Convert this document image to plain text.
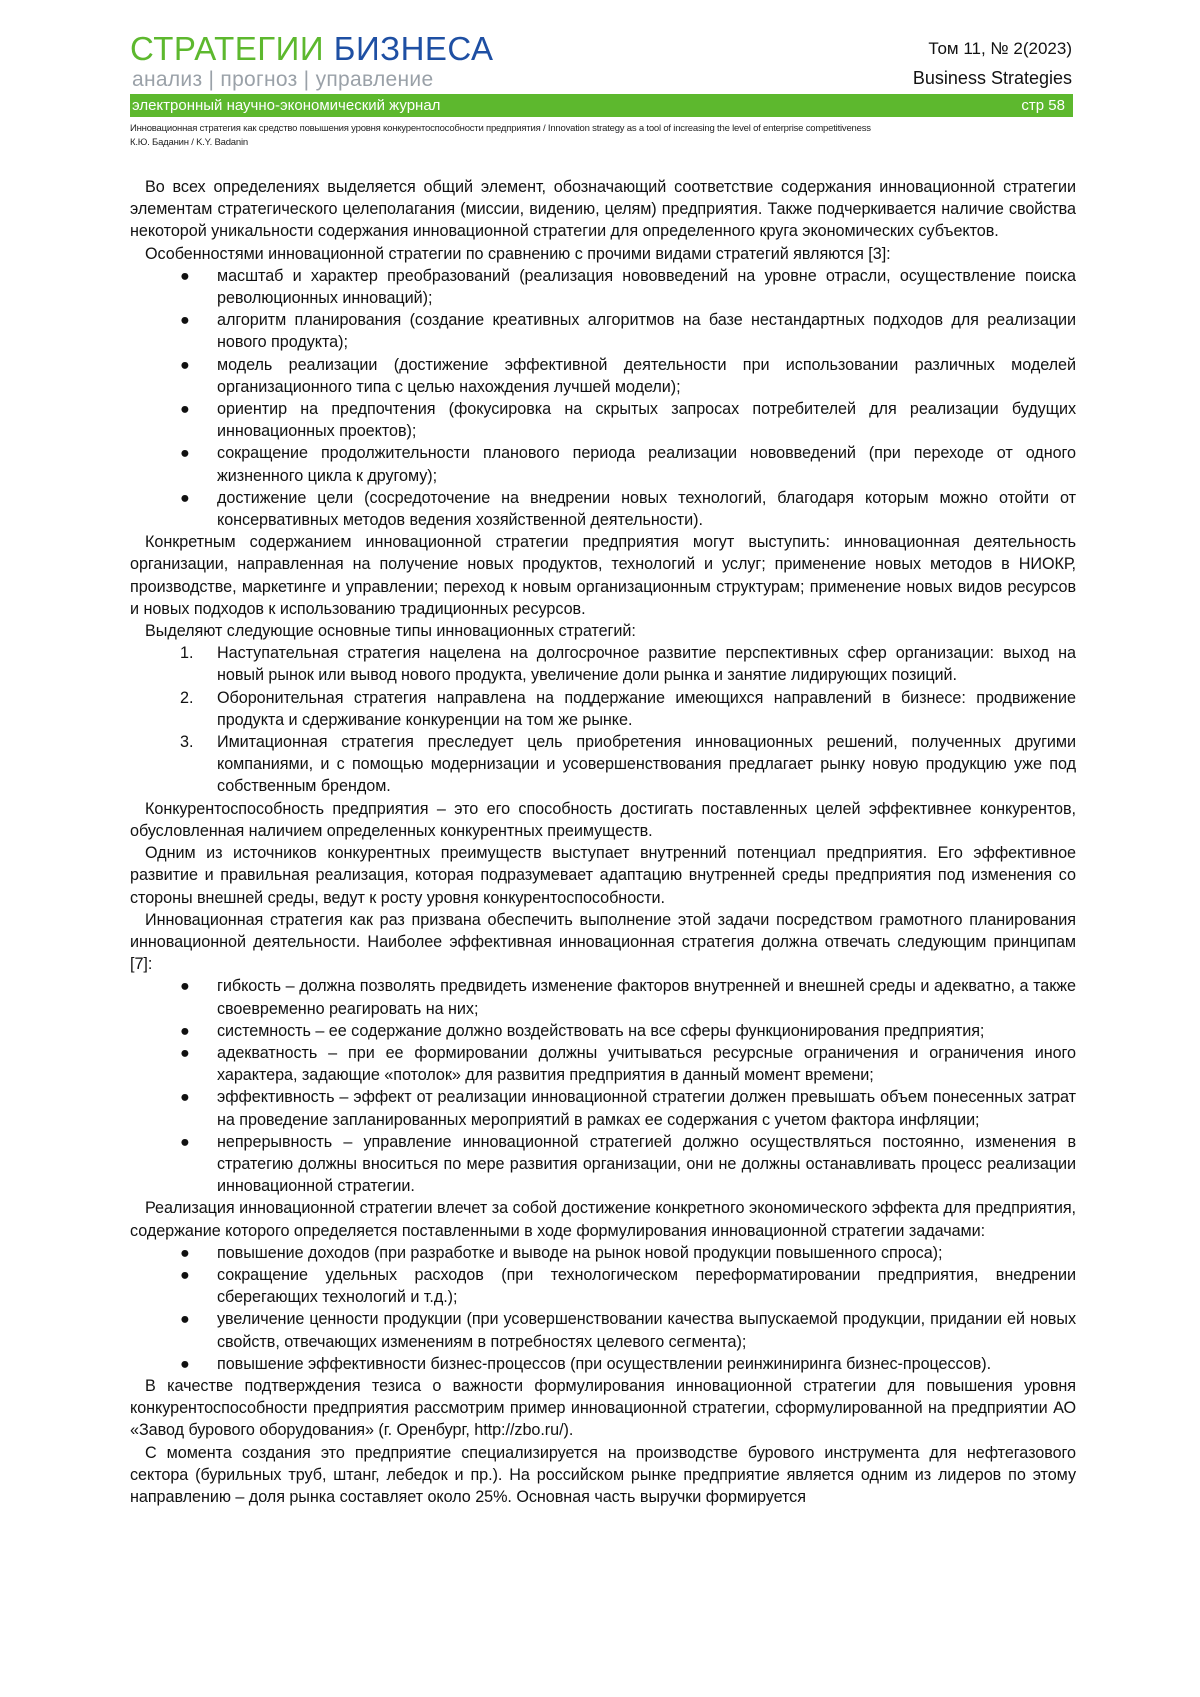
СТРАТЕГИИ БИЗНЕСА
анализ | прогноз | управление
Том 11, № 2(2023)
Business Strategies
электронный научно-экономический журнал	стр 58
Инновационная стратегия как средство повышения уровня конкурентоспособности предприятия / Innovation strategy as a tool of increasing the level of enterprise competitiveness
К.Ю. Баданин / K.Y. Badanin

Во всех определениях выделяется общий элемент, обозначающий соответствие содержания инновационной стратегии элементам стратегического целеполагания (миссии, видению, целям) предприятия. Также подчеркивается наличие свойства некоторой уникальности содержания инновационной стратегии для определенного круга экономических субъектов.

Особенностями инновационной стратегии по сравнению с прочими видами стратегий являются [3]:

●	масштаб и характер преобразований (реализация нововведений на уровне отрасли, осуществление поиска революционных инноваций);
●	алгоритм планирования (создание креативных алгоритмов на базе нестандартных подходов для реализации нового продукта);
●	модель реализации (достижение эффективной деятельности при использовании различных моделей организационного типа с целью нахождения лучшей модели);
●	ориентир на предпочтения (фокусировка на скрытых запросах потребителей для реализации будущих инновационных проектов);
●	сокращение продолжительности планового периода реализации нововведений (при переходе от одного жизненного цикла к другому);
●	достижение цели (сосредоточение на внедрении новых технологий, благодаря которым можно отойти от консервативных методов ведения хозяйственной деятельности).

Конкретным содержанием инновационной стратегии предприятия могут выступить: инновационная деятельность организации, направленная на получение новых продуктов, технологий и услуг; применение новых методов в НИОКР, производстве, маркетинге и управлении; переход к новым организационным структурам; применение новых видов ресурсов и новых подходов к использованию традиционных ресурсов.

Выделяют следующие основные типы инновационных стратегий:

1.	Наступательная стратегия нацелена на долгосрочное развитие перспективных сфер организации: выход на новый рынок или вывод нового продукта, увеличение доли рынка и занятие лидирующих позиций.
2.	Оборонительная стратегия направлена на поддержание имеющихся направлений в бизнесе: продвижение продукта и сдерживание конкуренции на том же рынке.
3.	Имитационная стратегия преследует цель приобретения инновационных решений, полученных другими компаниями, и с помощью модернизации и усовершенствования предлагает рынку новую продукцию уже под собственным брендом.

Конкурентоспособность предприятия – это его способность достигать поставленных целей эффективнее конкурентов, обусловленная наличием определенных конкурентных преимуществ.

Одним из источников конкурентных преимуществ выступает внутренний потенциал предприятия. Его эффективное развитие и правильная реализация, которая подразумевает адаптацию внутренней среды предприятия под изменения со стороны внешней среды, ведут к росту уровня конкурентоспособности.

Инновационная стратегия как раз призвана обеспечить выполнение этой задачи посредством грамотного планирования инновационной деятельности. Наиболее эффективная инновационная стратегия должна отвечать следующим принципам [7]:

●	гибкость – должна позволять предвидеть изменение факторов внутренней и внешней среды и адекватно, а также своевременно реагировать на них;
●	системность – ее содержание должно воздействовать на все сферы функционирования предприятия;
●	адекватность – при ее формировании должны учитываться ресурсные ограничения и ограничения иного характера, задающие «потолок» для развития предприятия в данный момент времени;
●	эффективность – эффект от реализации инновационной стратегии должен превышать объем понесенных затрат на проведение запланированных мероприятий в рамках ее содержания с учетом фактора инфляции;
●	непрерывность – управление инновационной стратегией должно осуществляться постоянно, изменения в стратегию должны вноситься по мере развития организации, они не должны останавливать процесс реализации инновационной стратегии.

Реализация инновационной стратегии влечет за собой достижение конкретного экономического эффекта для предприятия, содержание которого определяется поставленными в ходе формулирования инновационной стратегии задачами:

●	повышение доходов (при разработке и выводе на рынок новой продукции повышенного спроса);
●	сокращение удельных расходов (при технологическом переформатировании предприятия, внедрении сберегающих технологий и т.д.);
●	увеличение ценности продукции (при усовершенствовании качества выпускаемой продукции, придании ей новых свойств, отвечающих изменениям в потребностях целевого сегмента);
●	повышение эффективности бизнес-процессов (при осуществлении реинжиниринга бизнес-процессов).

В качестве подтверждения тезиса о важности формулирования инновационной стратегии для повышения уровня конкурентоспособности предприятия рассмотрим пример инновационной стратегии, сформулированной на предприятии АО «Завод бурового оборудования» (г. Оренбург, http://zbo.ru/).

С момента создания это предприятие специализируется на производстве бурового инструмента для нефтегазового сектора (бурильных труб, штанг, лебедок и пр.). На российском рынке предприятие является одним из лидеров по этому направлению – доля рынка составляет около 25%. Основная часть выручки формируется
